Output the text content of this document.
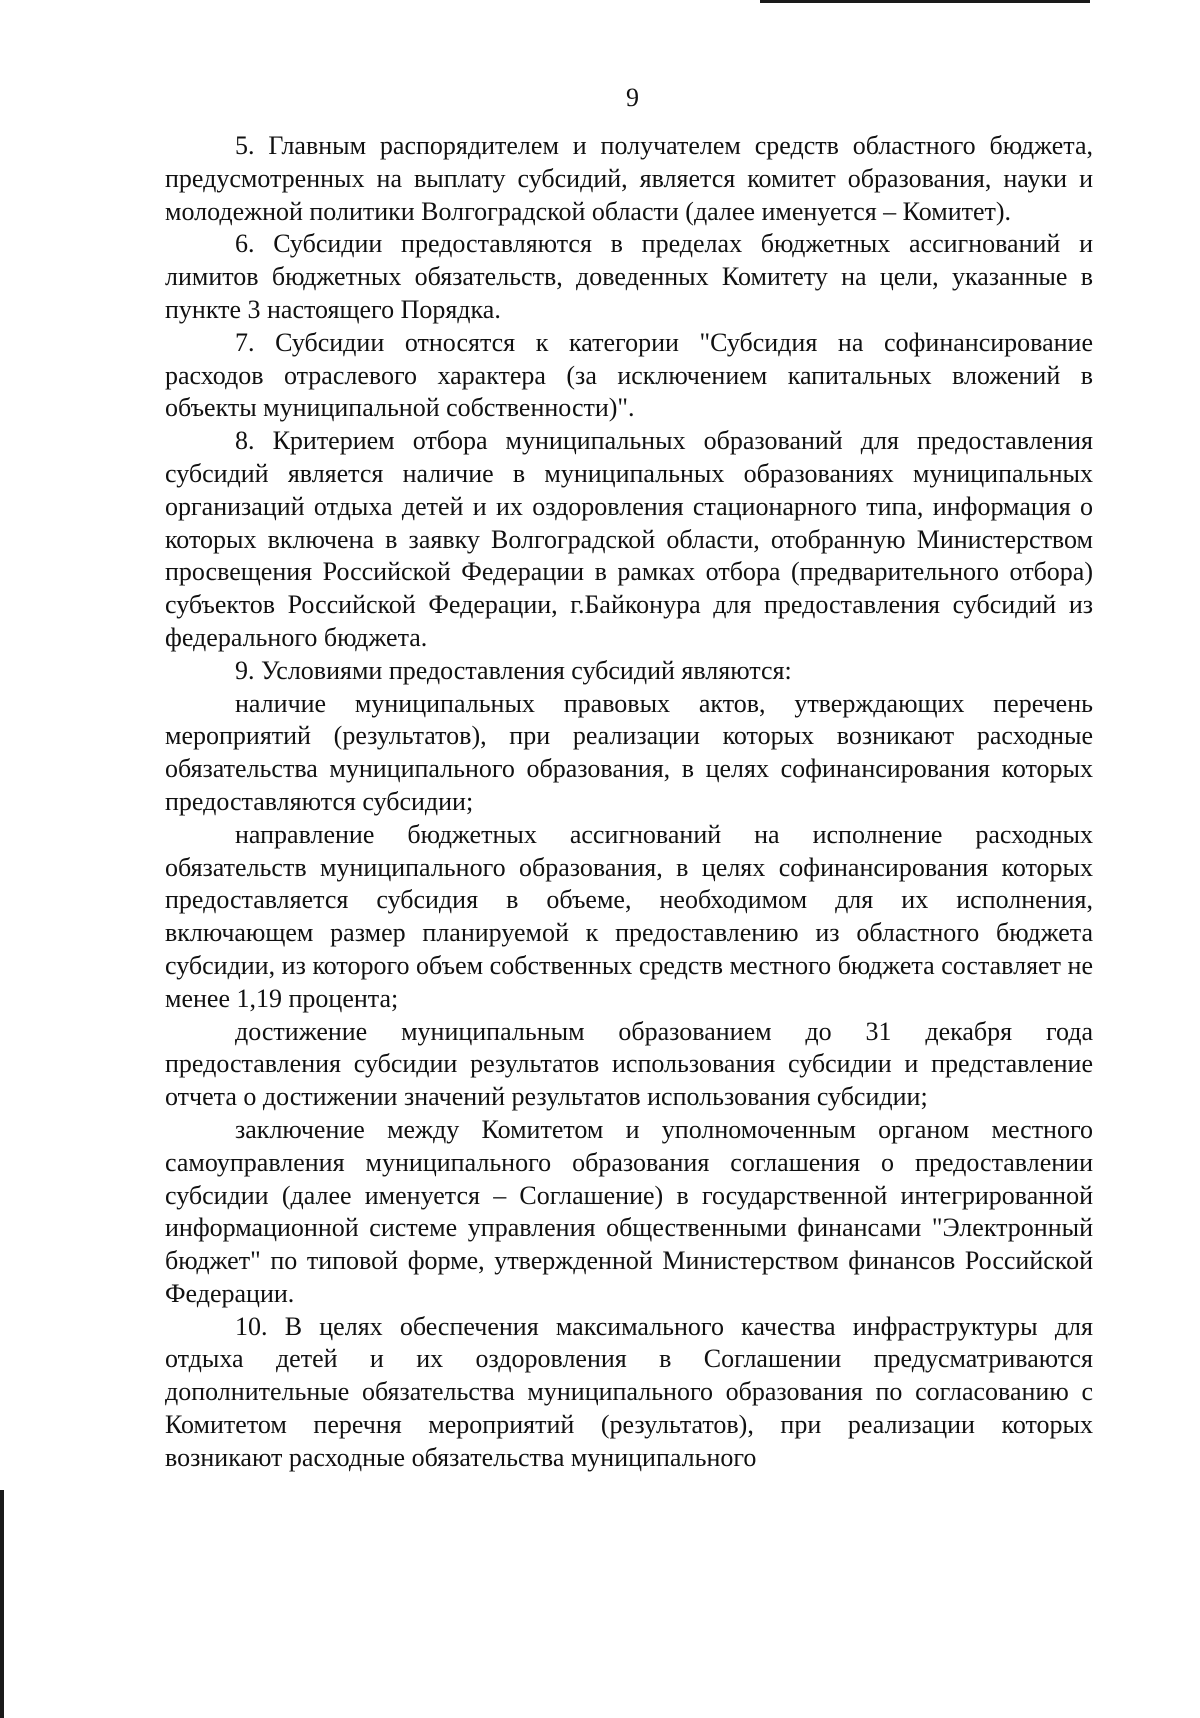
9

5. Главным распорядителем и получателем средств областного бюджета, предусмотренных на выплату субсидий, является комитет образования, науки и молодежной политики Волгоградской области (далее именуется – Комитет).

6. Субсидии предоставляются в пределах бюджетных ассигнований и лимитов бюджетных обязательств, доведенных Комитету на цели, указанные в пункте 3 настоящего Порядка.

7. Субсидии относятся к категории "Субсидия на софинансирование расходов отраслевого характера (за исключением капитальных вложений в объекты муниципальной собственности)".

8. Критерием отбора муниципальных образований для предоставления субсидий является наличие в муниципальных образованиях муниципальных организаций отдыха детей и их оздоровления стационарного типа, информация о которых включена в заявку Волгоградской области, отобранную Министерством просвещения Российской Федерации в рамках отбора (предварительного отбора) субъектов Российской Федерации, г.Байконура для предоставления субсидий из федерального бюджета.

9. Условиями предоставления субсидий являются:

наличие муниципальных правовых актов, утверждающих перечень мероприятий (результатов), при реализации которых возникают расходные обязательства муниципального образования, в целях софинансирования которых предоставляются субсидии;

направление бюджетных ассигнований на исполнение расходных обязательств муниципального образования, в целях софинансирования которых предоставляется субсидия в объеме, необходимом для их исполнения, включающем размер планируемой к предоставлению из областного бюджета субсидии, из которого объем собственных средств местного бюджета составляет не менее 1,19 процента;

достижение муниципальным образованием до 31 декабря года предоставления субсидии результатов использования субсидии и представление отчета о достижении значений результатов использования субсидии;

заключение между Комитетом и уполномоченным органом местного самоуправления муниципального образования соглашения о предоставлении субсидии (далее именуется – Соглашение) в государственной интегрированной информационной системе управления общественными финансами "Электронный бюджет" по типовой форме, утвержденной Министерством финансов Российской Федерации.

10. В целях обеспечения максимального качества инфраструктуры для отдыха детей и их оздоровления в Соглашении предусматриваются дополнительные обязательства муниципального образования по согласованию с Комитетом перечня мероприятий (результатов), при реализации которых возникают расходные обязательства муниципального
